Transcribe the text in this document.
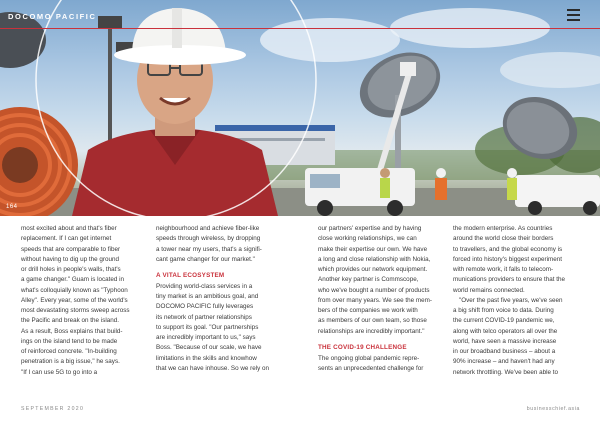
DOCOMO PACIFIC
164

most excited about and that's fiber

replacement. If I can get internet

speeds that are comparable to fiber

without having to dig up the ground

or drill holes in people's walls, that's

a game changer." Guam is located in

what's colloquially known as "Typhoon

Alley". Every year, some of the world's

most devastating storms sweep across

the Pacific and break on the island.

As a result, Boss explains that build-

ings on the island tend to be made

of reinforced concrete. "In-building

penetration is a big issue," he says.

"If I can use 5G to go into a

neighbourhood and achieve fiber-like

speeds through wireless, by dropping

a tower near my users, that's a signifi-

cant game changer for our market."

A VITAL ECOSYSTEM

Providing world-class services in a

tiny market is an ambitious goal, and

DOCOMO PACIFIC fully leverages

its network of partner relationships

to support its goal. "Our partnerships

are incredibly important to us," says

Boss. "Because of our scale, we have

limitations in the skills and knowhow

that we can have inhouse. So we rely on

our partners' expertise and by having

close working relationships, we can

make their expertise our own. We have

a long and close relationship with Nokia,

which provides our network equipment.

Another key partner is Commscope,

who we've bought a number of products

from over many years. We see the mem-

bers of the companies we work with

as members of our own team, so those

relationships are incredibly important."

THE COVID-19 CHALLENGE

The ongoing global pandemic repre-

sents an unprecedented challenge for

the modern enterprise. As countries

around the world close their borders

to travellers, and the global economy is

forced into history's biggest experiment

with remote work, it falls to telecom-

munications providers to ensure that the

world remains connected.

"Over the past five years, we've seen

a big shift from voice to data. During

the current COVID-19 pandemic we,

along with telco operators all over the

world, have seen a massive increase

in our broadband business – about a

90% increase – and haven't had any

network throttling. We've been able to

SEPTEMBER 2020	businesschief.asia
